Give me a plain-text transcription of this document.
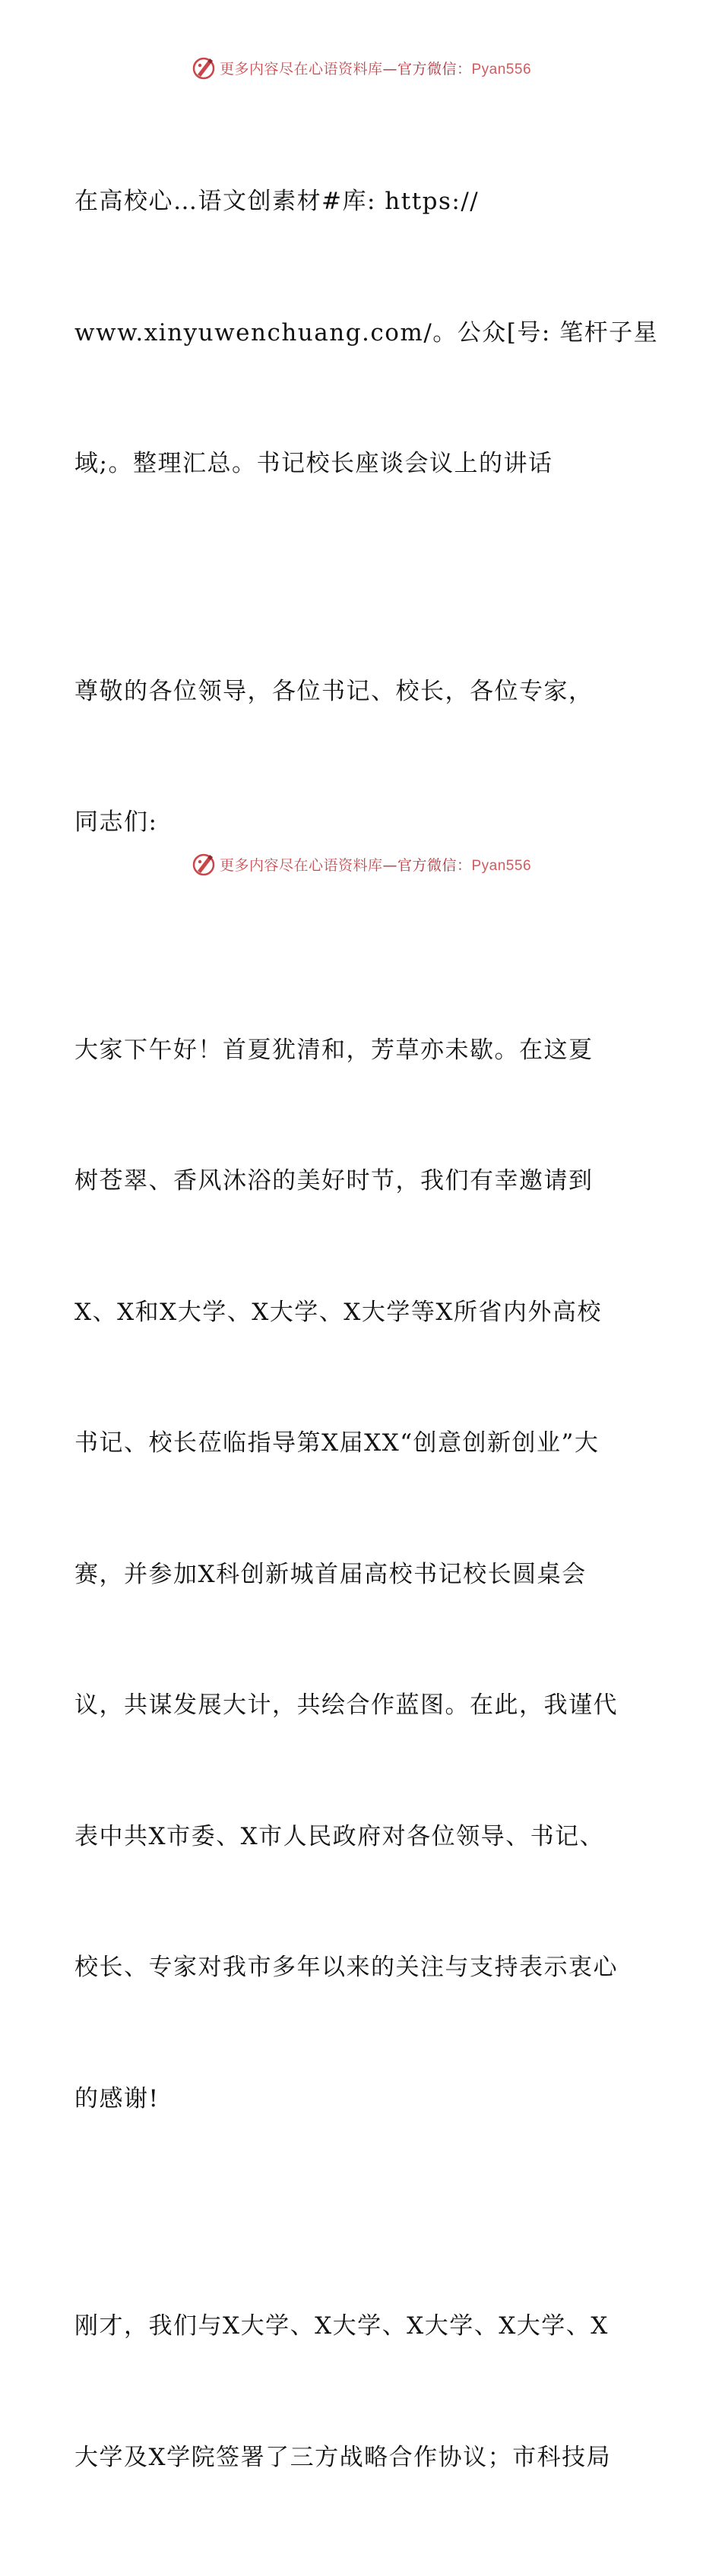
更多内容尽在心语资料库—官方微信：Pyan556

在高校心…语文创素材#库: https://

www.xinyuwenchuang.com/。公众[号: 笔杆子星

域;。整理汇总。书记校长座谈会议上的讲话

尊敬的各位领导，各位书记、校长，各位专家，

同志们:

大家下午好！首夏犹清和，芳草亦未歇。在这夏

树苍翠、香风沐浴的美好时节，我们有幸邀请到

X、X和X大学、X大学、X大学等X所省内外高校

书记、校长莅临指导第X届XX“创意创新创业”大

赛，并参加X科创新城首届高校书记校长圆桌会

议，共谋发展大计，共绘合作蓝图。在此，我谨代

表中共X市委、X市人民政府对各位领导、书记、

校长、专家对我市多年以来的关注与支持表示衷心

的感谢!

刚才，我们与X大学、X大学、X大学、X大学、X

大学及X学院签署了三方战略合作协议；市科技局

更多内容尽在心语资料库—官方微信：Pyan556
